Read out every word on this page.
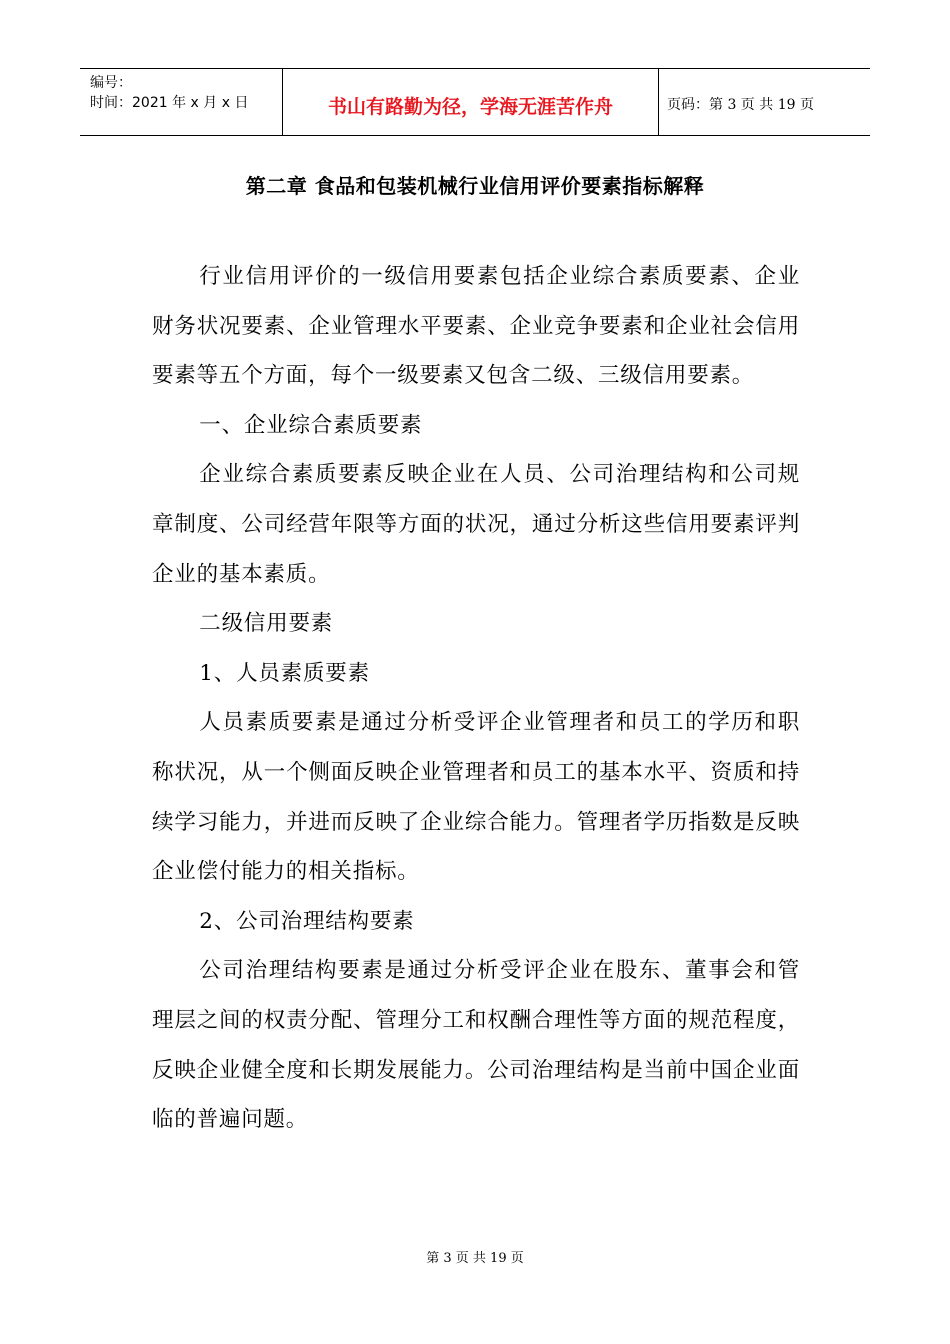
编号：
时间：2021 年 x 月 x 日	书山有路勤为径，学海无涯苦作舟	页码：第 3 页 共 19 页
第二章 食品和包装机械行业信用评价要素指标解释

行业信用评价的一级信用要素包括企业综合素质要素、企业财务状况要素、企业管理水平要素、企业竞争要素和企业社会信用要素等五个方面，每个一级要素又包含二级、三级信用要素。

一、企业综合素质要素

企业综合素质要素反映企业在人员、公司治理结构和公司规章制度、公司经营年限等方面的状况，通过分析这些信用要素评判企业的基本素质。

二级信用要素

1、人员素质要素

人员素质要素是通过分析受评企业管理者和员工的学历和职称状况，从一个侧面反映企业管理者和员工的基本水平、资质和持续学习能力，并进而反映了企业综合能力。管理者学历指数是反映企业偿付能力的相关指标。

2、公司治理结构要素

公司治理结构要素是通过分析受评企业在股东、董事会和管理层之间的权责分配、管理分工和权酬合理性等方面的规范程度，反映企业健全度和长期发展能力。公司治理结构是当前中国企业面临的普遍问题。

第 3 页 共 19 页
